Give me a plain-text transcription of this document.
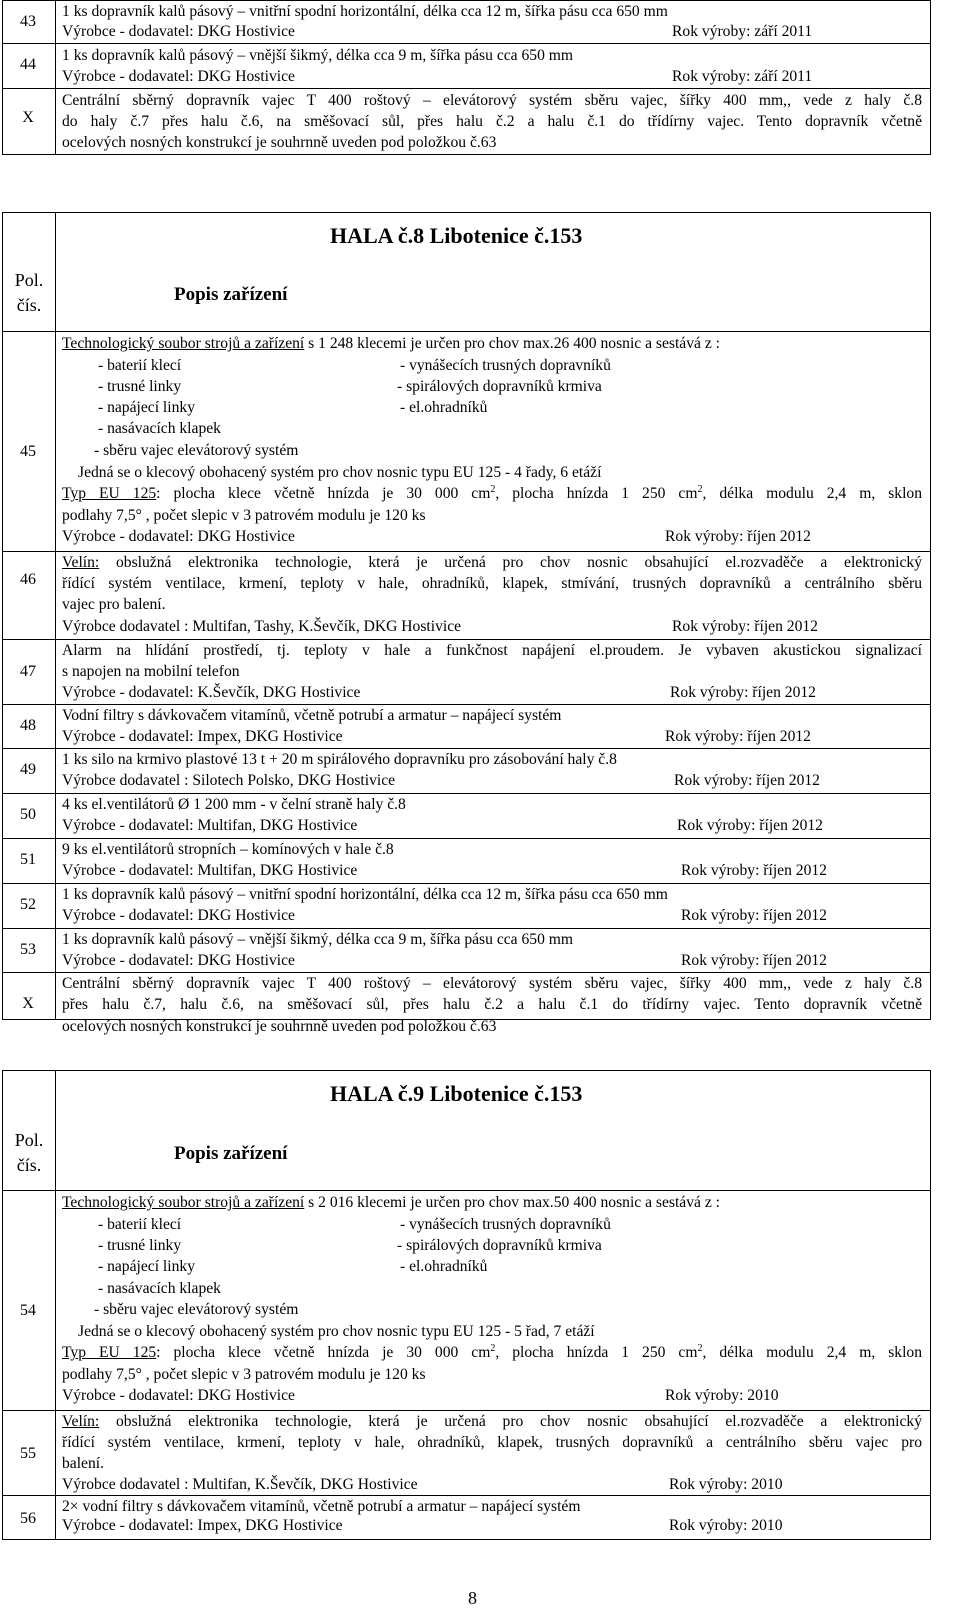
43
1 ks dopravník kalů pásový – vnitřní spodní horizontální, délka cca 12 m, šířka pásu cca 650 mm
Výrobce - dodavatel: DKG Hostivice	Rok výroby: září 2011
44
1 ks dopravník kalů pásový – vnější šikmý, délka cca 9 m, šířka pásu cca 650 mm
Výrobce - dodavatel: DKG Hostivice	Rok výroby: září 2011
X
Centrální sběrný dopravník vajec T 400 roštový – elevátorový systém sběru vajec, šířky 400 mm,, vede z haly č.8
do haly č.7 přes halu č.6, na směšovací sůl, přes halu č.2 a halu č.1 do třídírny vajec. Tento dopravník včetně
ocelových nosných konstrukcí je souhrnně uveden pod položkou č.63
HALA č.8 Libotenice č.153
Pol.
čís.	Popis zařízení
45
Technologický soubor strojů a zařízení s 1 248 klecemi je určen pro chov max.26 400 nosnic a sestává z :
- baterií klecí
- trusné linky
- napájecí linky
- nasávacích klapek
- sběru vajec elevátorový systém
- vynášecích trusných dopravníků
- spirálových dopravníků krmiva
- el.ohradníků
Jedná se o klecový obohacený systém pro chov nosnic typu EU 125 - 4 řady, 6 etáží
Typ EU 125: plocha klece včetně hnízda je 30 000 $cm^2$, plocha hnízda 1 250 $cm^2$, délka modulu 2,4 m, sklon
podlahy 7,5° , počet slepic v 3 patrovém modulu je 120 ks
Výrobce - dodavatel: DKG Hostivice	Rok výroby: říjen 2012
46
Velín: obslužná elektronika technologie, která je určená pro chov nosnic obsahující el.rozvaděče a elektronický
řídící systém ventilace, krmení, teploty v hale, ohradníků, klapek, stmívání, trusných dopravníků a centrálního sběru
vajec pro balení.
Výrobce dodavatel : Multifan, Tashy, K.Ševčík, DKG Hostivice	Rok výroby: říjen 2012
47
Alarm na hlídání prostředí, tj. teploty v hale a funkčnost napájení el.proudem. Je vybaven akustickou signalizací
s napojen na mobilní telefon
Výrobce - dodavatel: K.Ševčík, DKG Hostivice	Rok výroby: říjen 2012
48
Vodní filtry s dávkovačem vitamínů, včetně potrubí a armatur – napájecí systém
Výrobce - dodavatel: Impex, DKG Hostivice	Rok výroby: říjen 2012
49
1 ks silo na krmivo plastové 13 t + 20 m spirálového dopravníku pro zásobování haly č.8
Výrobce dodavatel : Silotech Polsko, DKG Hostivice	Rok výroby: říjen 2012
50
4 ks el.ventilátorů Ø 1 200 mm - v čelní straně haly č.8
Výrobce - dodavatel: Multifan, DKG Hostivice	Rok výroby: říjen 2012
51
9 ks el.ventilátorů stropních – komínových v hale č.8
Výrobce - dodavatel: Multifan, DKG Hostivice	Rok výroby: říjen 2012
52
1 ks dopravník kalů pásový – vnitřní spodní horizontální, délka cca 12 m, šířka pásu cca 650 mm
Výrobce - dodavatel: DKG Hostivice	Rok výroby: říjen 2012
53
1 ks dopravník kalů pásový – vnější šikmý, délka cca 9 m, šířka pásu cca 650 mm
Výrobce - dodavatel: DKG Hostivice	Rok výroby: říjen 2012
X
Centrální sběrný dopravník vajec T 400 roštový – elevátorový systém sběru vajec, šířky 400 mm,, vede z haly č.8
přes halu č.7, halu č.6, na směšovací sůl, přes halu č.2 a halu č.1 do třídírny vajec. Tento dopravník včetně
ocelových nosných konstrukcí je souhrnně uveden pod položkou č.63
HALA č.9 Libotenice č.153
Pol.
čís.
Popis zařízení
54
Technologický soubor strojů a zařízení s 2 016 klecemi je určen pro chov max.50 400 nosnic a sestává z :
- baterií klecí
- trusné linky
- napájecí linky
- nasávacích klapek
- sběru vajec elevátorový systém
- vynášecích trusných dopravníků
- spirálových dopravníků krmiva
- el.ohradníků
Jedná se o klecový obohacený systém pro chov nosnic typu EU 125 - 5 řad, 7 etáží
Typ EU 125: plocha klece včetně hnízda je 30 000 $cm^2$, plocha hnízda 1 250 $cm^2$, délka modulu 2,4 m, sklon
podlahy 7,5° , počet slepic v 3 patrovém modulu je 120 ks
Výrobce - dodavatel: DKG Hostivice	Rok výroby: 2010
55
Velín: obslužná elektronika technologie, která je určená pro chov nosnic obsahující el.rozvaděče a elektronický
řídící systém ventilace, krmení, teploty v hale, ohradníků, klapek, trusných dopravníků a centrálního sběru vajec pro
balení.
Výrobce dodavatel : Multifan, K.Ševčík, DKG Hostivice	Rok výroby: 2010
56
2× vodní filtry s dávkovačem vitamínů, včetně potrubí a armatur – napájecí systém
8
Výrobce - dodavatel: Impex, DKG Hostivice	Rok výroby: 2010
